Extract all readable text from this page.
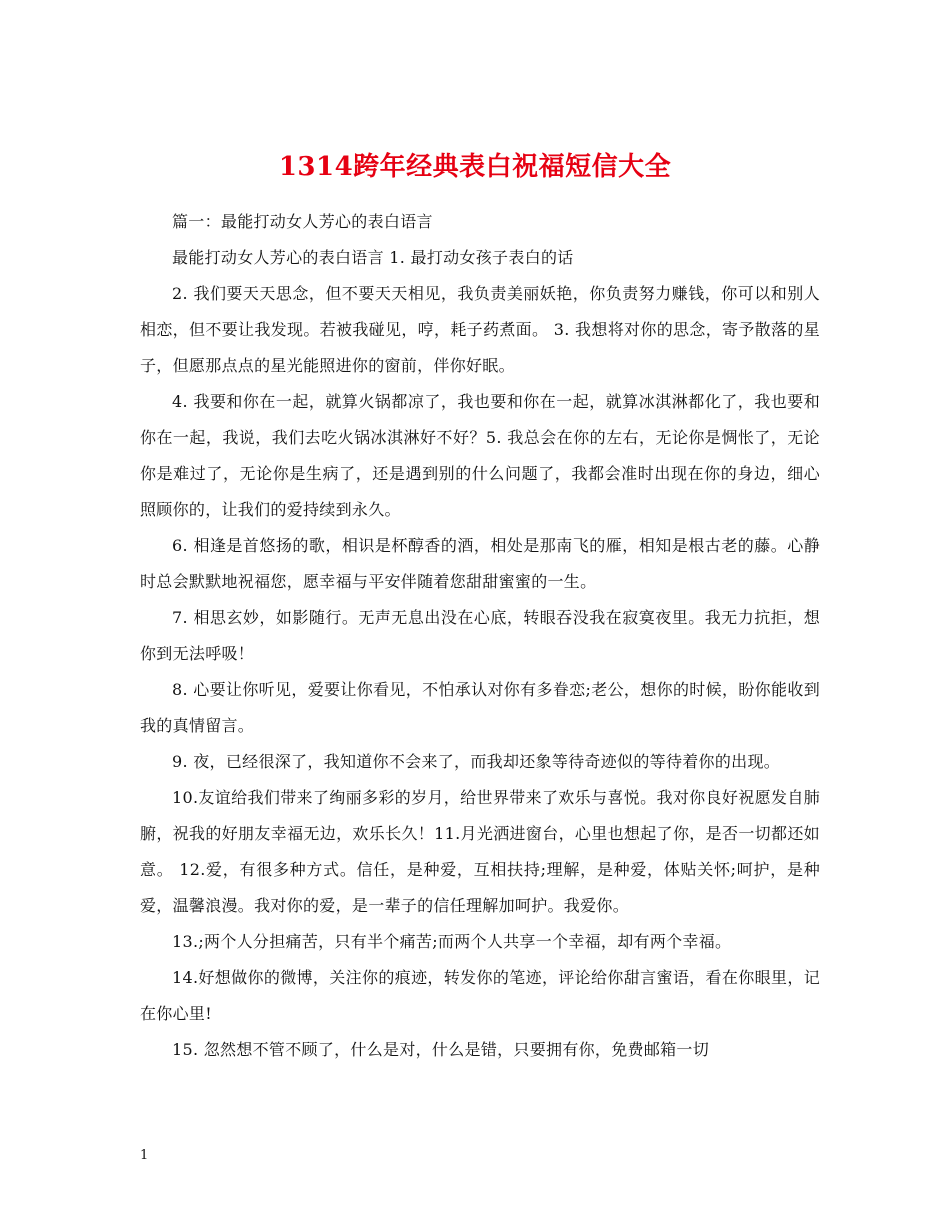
1314跨年经典表白祝福短信大全

篇一：最能打动女人芳心的表白语言

最能打动女人芳心的表白语言 1. 最打动女孩子表白的话

2. 我们要天天思念，但不要天天相见，我负责美丽妖艳，你负责努力赚钱，你可以和别人相恋，但不要让我发现。若被我碰见，哼，耗子药煮面。 3. 我想将对你的思念，寄予散落的星子，但愿那点点的星光能照进你的窗前，伴你好眠。

4. 我要和你在一起，就算火锅都凉了，我也要和你在一起，就算冰淇淋都化了，我也要和你在一起，我说，我们去吃火锅冰淇淋好不好？5. 我总会在你的左右，无论你是惆怅了，无论你是难过了，无论你是生病了，还是遇到别的什么问题了，我都会准时出现在你的身边，细心照顾你的，让我们的爱持续到永久。

6. 相逢是首悠扬的歌，相识是杯醇香的酒，相处是那南飞的雁，相知是根古老的藤。心静时总会默默地祝福您，愿幸福与平安伴随着您甜甜蜜蜜的一生。

7. 相思玄妙，如影随行。无声无息出没在心底，转眼吞没我在寂寞夜里。我无力抗拒，想你到无法呼吸！

8. 心要让你听见，爱要让你看见，不怕承认对你有多眷恋;老公，想你的时候，盼你能收到我的真情留言。

9. 夜，已经很深了，我知道你不会来了，而我却还象等待奇迹似的等待着你的出现。

10.友谊给我们带来了绚丽多彩的岁月，给世界带来了欢乐与喜悦。我对你良好祝愿发自肺腑，祝我的好朋友幸福无边，欢乐长久！11.月光洒进窗台，心里也想起了你，是否一切都还如意。 12.爱，有很多种方式。信任，是种爱，互相扶持;理解，是种爱，体贴关怀;呵护，是种爱，温馨浪漫。我对你的爱，是一辈子的信任理解加呵护。我爱你。

13.;两个人分担痛苦，只有半个痛苦;而两个人共享一个幸福，却有两个幸福。

14.好想做你的微博，关注你的痕迹，转发你的笔迹，评论给你甜言蜜语，看在你眼里，记在你心里!

15. 忽然想不管不顾了，什么是对，什么是错，只要拥有你，免费邮箱一切

1
